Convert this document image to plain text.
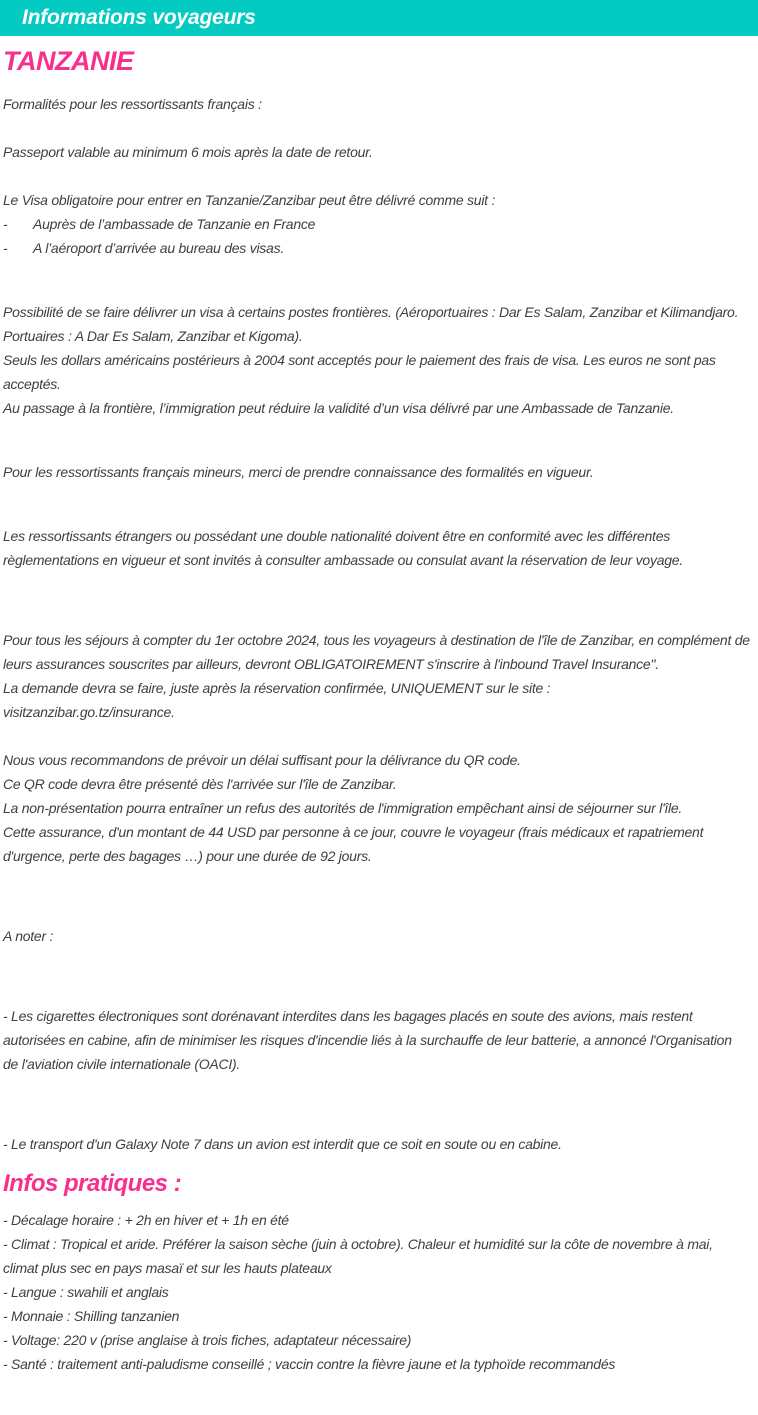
Informations voyageurs
TANZANIE

Formalités pour les ressortissants français :

Passeport valable au minimum 6 mois après la date de retour.

Le Visa obligatoire pour entrer en Tanzanie/Zanzibar peut être délivré comme suit :

-	Auprès de l’ambassade de Tanzanie en France
-	A l’aéroport d’arrivée au bureau des visas.

Possibilité de se faire délivrer un visa à certains postes frontières. (Aéroportuaires : Dar Es Salam, Zanzibar et Kilimandjaro. Portuaires : A Dar Es Salam, Zanzibar et Kigoma).

Seuls les dollars américains postérieurs à 2004 sont acceptés pour le paiement des frais de visa. Les euros ne sont pas acceptés.

Au passage à la frontière, l’immigration peut réduire la validité d’un visa délivré par une Ambassade de Tanzanie.

Pour les ressortissants français mineurs, merci de prendre connaissance des formalités en vigueur.

Les ressortissants étrangers ou possédant une double nationalité doivent être en conformité avec les différentes règlementations en vigueur et sont invités à consulter ambassade ou consulat avant la réservation de leur voyage.

Pour tous les séjours à compter du 1er octobre 2024, tous les voyageurs à destination de l'île de Zanzibar, en complément de leurs assurances souscrites par ailleurs, devront OBLIGATOIREMENT s'inscrire à l'inbound Travel Insurance".

La demande devra se faire, juste après la réservation confirmée, UNIQUEMENT sur le site :

visitzanzibar.go.tz/insurance.

Nous vous recommandons de prévoir un délai suffisant pour la délivrance du QR code.

Ce QR code devra être présenté dès l'arrivée sur l'île de Zanzibar.

La non-présentation pourra entraîner un refus des autorités de l'immigration empêchant ainsi de séjourner sur l'île.

Cette assurance, d'un montant de 44 USD par personne à ce jour, couvre le voyageur (frais médicaux et rapatriement d'urgence, perte des bagages …) pour une durée de 92 jours.

A noter :

- Les cigarettes électroniques sont dorénavant interdites dans les bagages placés en soute des avions, mais restent autorisées en cabine, afin de minimiser les risques d'incendie liés à la surchauffe de leur batterie, a annoncé l'Organisation de l'aviation civile internationale (OACI).

- Le transport d'un Galaxy Note 7 dans un avion est interdit que ce soit en soute ou en cabine.

Infos pratiques :

- Décalage horaire : + 2h en hiver et + 1h en été

- Climat : Tropical et aride. Préférer la saison sèche (juin à octobre). Chaleur et humidité sur la côte de novembre à mai, climat plus sec en pays masaï et sur les hauts plateaux

- Langue : swahili et anglais

- Monnaie : Shilling tanzanien

- Voltage: 220 v (prise anglaise à trois fiches, adaptateur nécessaire)

- Santé : traitement anti-paludisme conseillé ; vaccin contre la fièvre jaune et la typhoïde recommandés
